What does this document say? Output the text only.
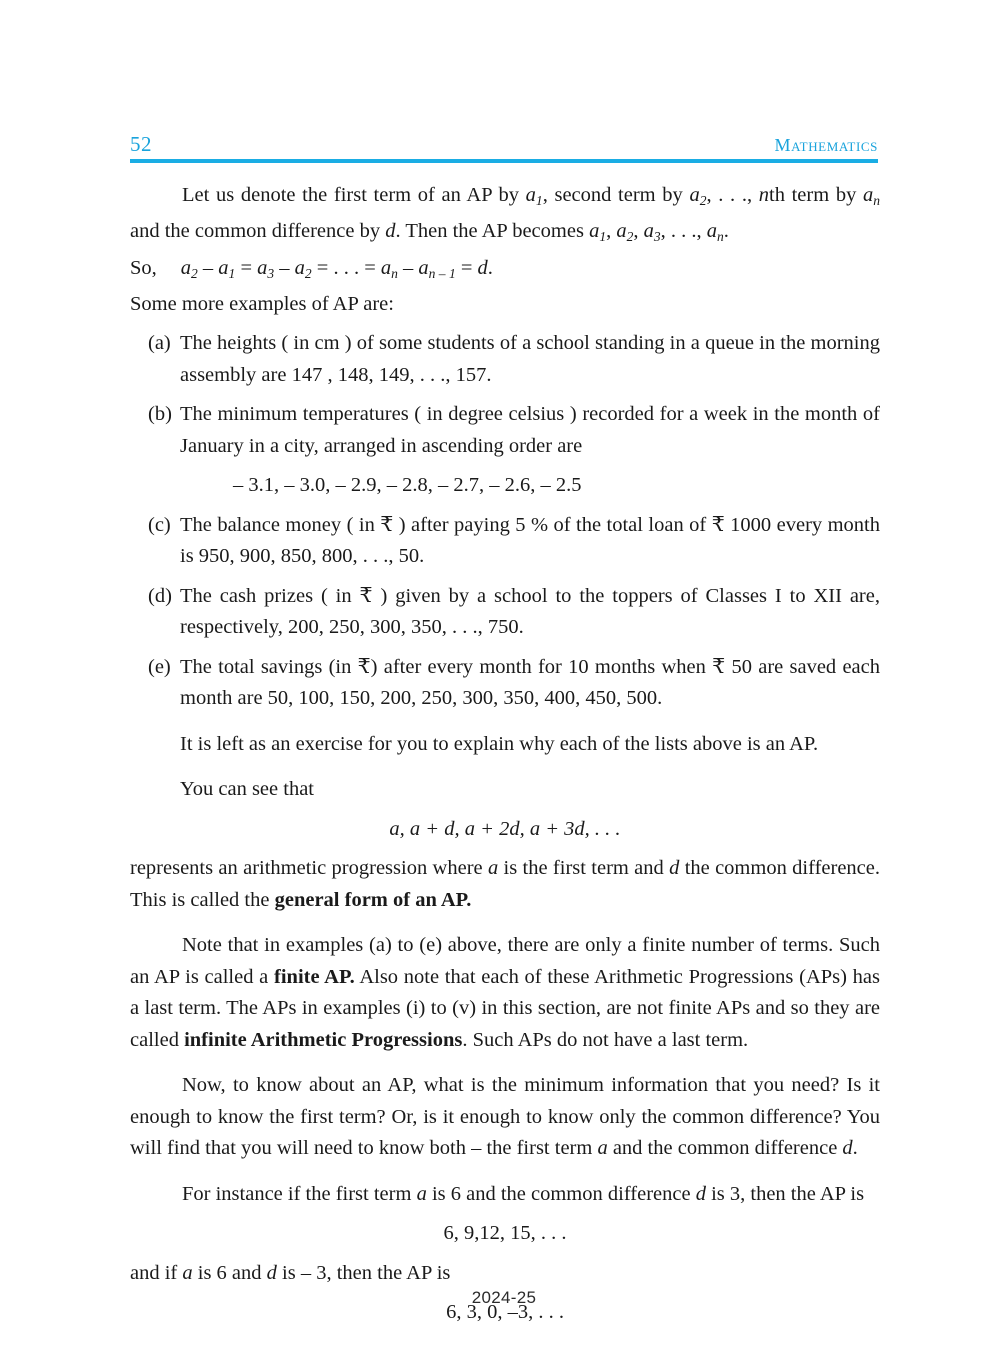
52	Mathematics

Let us denote the first term of an AP by $a_1$, second term by $a_2$, . . ., nth term by $a_n$ and the common difference by d. Then the AP becomes $a_1$, $a_2$, $a_3$, . . ., $a_n$.

So, $a_2 - a_1 = a_3 - a_2$ = . . . = $a_n - a_{n - 1} = d$.

Some more examples of AP are:

(a) The heights ( in cm ) of some students of a school standing in a queue in the morning assembly are 147 , 148, 149, . . ., 157.
(b) The minimum temperatures ( in degree celsius ) recorded for a week in the month of January in a city, arranged in ascending order are

– 3.1, – 3.0, – 2.9, – 2.8, – 2.7, – 2.6, – 2.5

(c) The balance money ( in ₹ ) after paying 5 % of the total loan of ₹ 1000 every month is 950, 900, 850, 800, . . ., 50.
(d) The cash prizes ( in ₹ ) given by a school to the toppers of Classes I to XII are, respectively, 200, 250, 300, 350, . . ., 750.
(e) The total savings (in ₹) after every month for 10 months when ₹ 50 are saved each month are 50, 100, 150, 200, 250, 300, 350, 400, 450, 500.

It is left as an exercise for you to explain why each of the lists above is an AP.

You can see that

a, a + d, a + 2d, a + 3d, . . .

represents an arithmetic progression where a is the first term and d the common difference. This is called the general form of an AP.

Note that in examples (a) to (e) above, there are only a finite number of terms. Such an AP is called a finite AP. Also note that each of these Arithmetic Progressions (APs) has a last term. The APs in examples (i) to (v) in this section, are not finite APs and so they are called infinite Arithmetic Progressions. Such APs do not have a last term.

Now, to know about an AP, what is the minimum information that you need? Is it enough to know the first term? Or, is it enough to know only the common difference? You will find that you will need to know both – the first term a and the common difference d.

For instance if the first term a is 6 and the common difference d is 3, then the AP is

6, 9,12, 15, . . .

and if a is 6 and d is – 3, then the AP is

6, 3, 0, –3, . . .

2024-25
